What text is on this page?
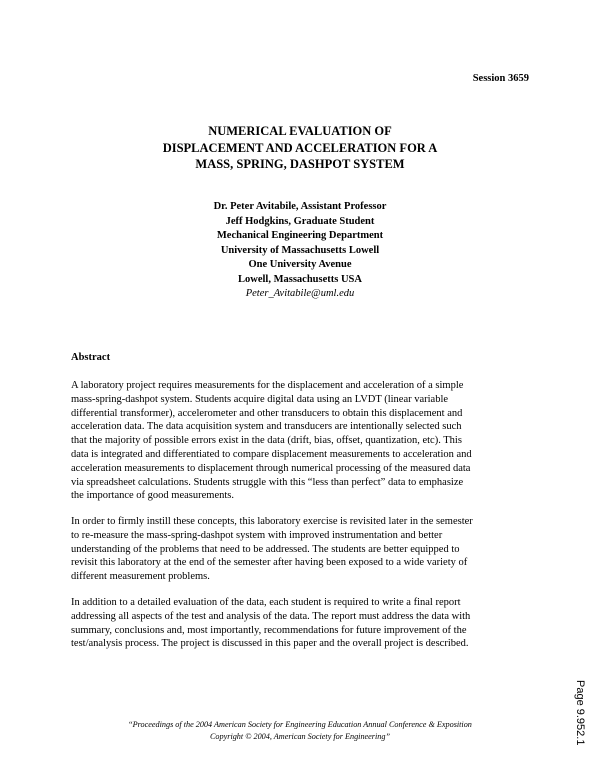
Session 3659
NUMERICAL EVALUATION OF
DISPLACEMENT AND ACCELERATION FOR A
MASS, SPRING, DASHPOT SYSTEM
Dr. Peter Avitabile, Assistant Professor
Jeff Hodgkins, Graduate Student
Mechanical Engineering Department
University of Massachusetts Lowell
One University Avenue
Lowell, Massachusetts USA
Peter_Avitabile@uml.edu
Abstract
A laboratory project requires measurements for the displacement and acceleration of a simple
mass-spring-dashpot system. Students acquire digital data using an LVDT (linear variable
differential transformer), accelerometer and other transducers to obtain this displacement and
acceleration data. The data acquisition system and transducers are intentionally selected such
that the majority of possible errors exist in the data (drift, bias, offset, quantization, etc). This
data is integrated and differentiated to compare displacement measurements to acceleration and
acceleration measurements to displacement through numerical processing of the measured data
via spreadsheet calculations. Students struggle with this “less than perfect” data to emphasize
the importance of good measurements.
In order to firmly instill these concepts, this laboratory exercise is revisited later in the semester
to re-measure the mass-spring-dashpot system with improved instrumentation and better
understanding of the problems that need to be addressed. The students are better equipped to
revisit this laboratory at the end of the semester after having been exposed to a wide variety of
different measurement problems.
In addition to a detailed evaluation of the data, each student is required to write a final report
addressing all aspects of the test and analysis of the data. The report must address the data with
summary, conclusions and, most importantly, recommendations for future improvement of the
test/analysis process. The project is discussed in this paper and the overall project is described.
“Proceedings of the 2004 American Society for Engineering Education Annual Conference & Exposition
Copyright © 2004, American Society for Engineering”	Page 9.952.1
